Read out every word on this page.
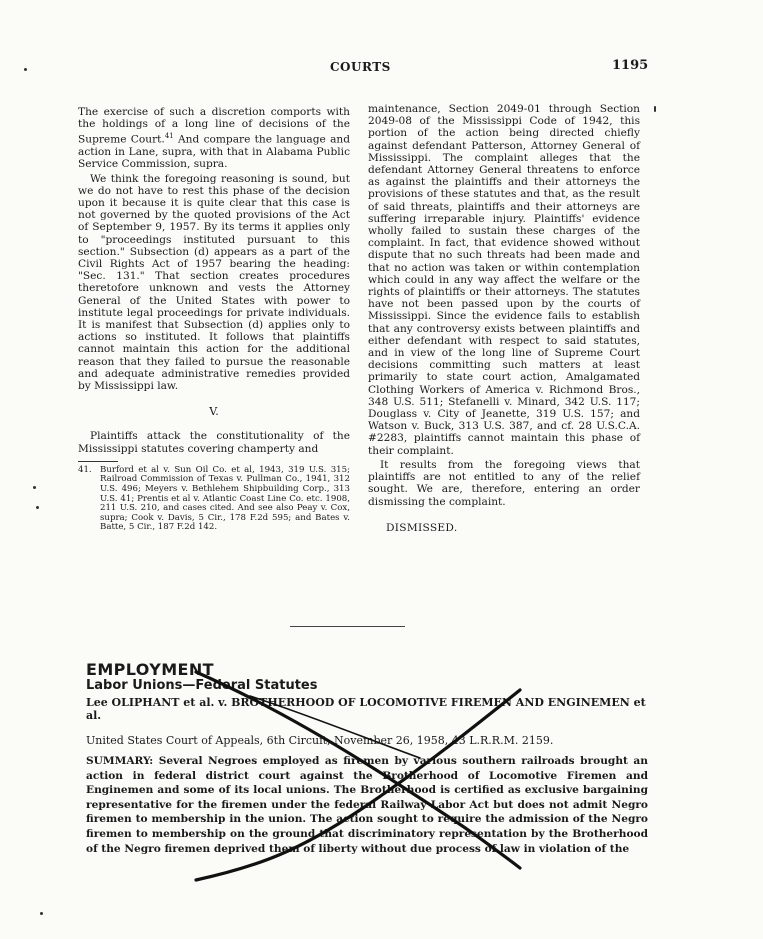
COURTS	1195

The exercise of such a discretion comports with the holdings of a long line of decisions of the Supreme Court.$^{41}$ And compare the language and action in Lane, supra, with that in Alabama Public Service Commission, supra.

We think the foregoing reasoning is sound, but we do not have to rest this phase of the decision upon it because it is quite clear that this case is not governed by the quoted provisions of the Act of September 9, 1957. By its terms it applies only to "proceedings instituted pursuant to this section." Subsection (d) appears as a part of the Civil Rights Act of 1957 bearing the heading: "Sec. 131." That section creates procedures theretofore unknown and vests the Attorney General of the United States with power to institute legal proceedings for private individuals. It is manifest that Subsection (d) applies only to actions so instituted. It follows that plaintiffs cannot maintain this action for the additional reason that they failed to pursue the reasonable and adequate administrative remedies provided by Mississippi law.

V.

Plaintiffs attack the constitutionality of the Mississippi statutes covering champerty and

41. Burford et al v. Sun Oil Co. et al, 1943, 319 U.S. 315; Railroad Commission of Texas v. Pullman Co., 1941, 312 U.S. 496; Meyers v. Bethlehem Shipbuilding Corp., 313 U.S. 41; Prentis et al v. Atlantic Coast Line Co. etc. 1908, 211 U.S. 210, and cases cited. And see also Peay v. Cox, supra; Cook v. Davis, 5 Cir., 178 F.2d 595; and Bates v. Batte, 5 Cir., 187 F.2d 142.

maintenance, Section 2049-01 through Section 2049-08 of the Mississippi Code of 1942, this portion of the action being directed chiefly against defendant Patterson, Attorney General of Mississippi. The complaint alleges that the defendant Attorney General threatens to enforce as against the plaintiffs and their attorneys the provisions of these statutes and that, as the result of said threats, plaintiffs and their attorneys are suffering irreparable injury. Plaintiffs' evidence wholly failed to sustain these charges of the complaint. In fact, that evidence showed without dispute that no such threats had been made and that no action was taken or within contemplation which could in any way affect the welfare or the rights of plaintiffs or their attorneys. The statutes have not been passed upon by the courts of Mississippi. Since the evidence fails to establish that any controversy exists between plaintiffs and either defendant with respect to said statutes, and in view of the long line of Supreme Court decisions committing such matters at least primarily to state court action, Amalgamated Clothing Workers of America v. Richmond Bros., 348 U.S. 511; Stefanelli v. Minard, 342 U.S. 117; Douglass v. City of Jeanette, 319 U.S. 157; and Watson v. Buck, 313 U.S. 387, and cf. 28 U.S.C.A. #2283, plaintiffs cannot maintain this phase of their complaint.

It results from the foregoing views that plaintiffs are not entitled to any of the relief sought. We are, therefore, entering an order dismissing the complaint.

DISMISSED.
EMPLOYMENT
Labor Unions—Federal Statutes
Lee OLIPHANT et al. v. BROTHERHOOD OF LOCOMOTIVE FIREMEN AND ENGINEMEN et al.
United States Court of Appeals, 6th Circuit, November 26, 1958, 43 L.R.R.M. 2159.
SUMMARY: Several Negroes employed as firemen by various southern railroads brought an action in federal district court against the Brotherhood of Locomotive Firemen and Enginemen and some of its local unions. The Brotherhood is certified as exclusive bargaining representative for the firemen under the federal Railway Labor Act but does not admit Negro firemen to membership in the union. The action sought to require the admission of the Negro firemen to membership on the ground that discriminatory representation by the Brotherhood of the Negro firemen deprived them of liberty without due process of law in violation of the
